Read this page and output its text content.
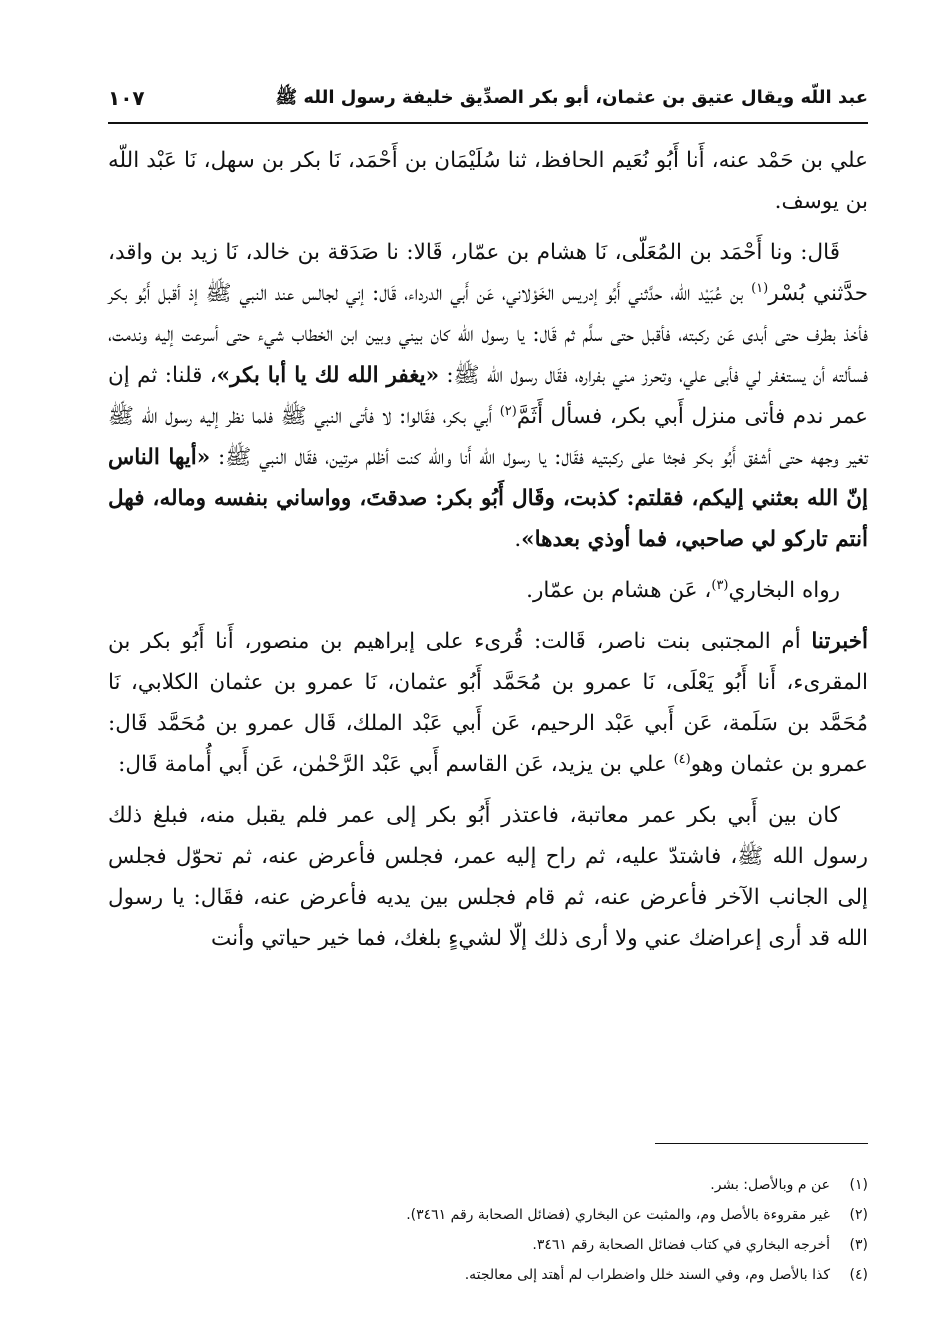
عبد اللّه ويقال عتيق بن عثمان، أبو بكر الصدِّيق خليفة رسول الله ﷺ
١٠٧

علي بن حَمْد عنه، أَنا أَبُو نُعَيم الحافظ، ثنا سُلَيْمَان بن أَحْمَد، نَا بكر بن سهل، نَا عَبْد اللّه بن يوسف.

قَال: ونا أَحْمَد بن المُعَلّى، نَا هشام بن عمّار، قَالا: نا صَدَقة بن خالد، نَا زيد بن واقد، حدَّثني بُسْر$^{(١)}$ بن عُبَيْد اللّه، حدَّثني أَبُو إدريس الخَوْلاني، عَن أَبي الدرداء، قَال: إني لجالس عند النبي ﷺ إذ أقبل أَبُو بكر فأخذ بطرف حتى أبدى عَن ركبته، فأقبل حتى سلَّم ثم قَال: يا رسول الله كان بيني وبين ابن الخطاب شيء حتى أسرعت إليه وندمت، فسألته أن يستغفر لي فأبى علي، وتحرز مني بفراره، فقَال رسول الله ﷺ: «يغفر الله لك يا أبا بكر»، قلنا: ثم إن عمر ندم فأتى منزل أَبي بكر، فسأل أَثَمَّ$^{(٢)}$ أَبي بكر، فقَالوا: لا فأتى النبي ﷺ فلما نظر إليه رسول الله ﷺ تغير وجهه حتى أشفق أَبُو بكر فجثا على ركبتيه فقَال: يا رسول الله أَنا والله كنت أظلم مرتين، فقَال النبي ﷺ: «أيها الناس إنّ الله بعثني إليكم، فقلتم: كذبت، وقَال أَبُو بكر: صدقتَ، وواساني بنفسه وماله، فهل أنتم تاركو لي صاحبي، فما أوذي بعدها».

رواه البخاري$^{(٣)}$، عَن هشام بن عمّار.

أخبرتنا أم المجتبى بنت ناصر، قَالت: قُرىء على إبراهيم بن منصور، أَنا أَبُو بكر بن المقرىء، أَنا أَبُو يَعْلَى، نَا عمرو بن مُحَمَّد أَبُو عثمان، نَا عمرو بن عثمان الكلابي، نَا مُحَمَّد بن سَلَمة، عَن أَبي عَبْد الرحيم، عَن أَبي عَبْد الملك، قَال عمرو بن مُحَمَّد قَال: عمرو بن عثمان وهو$^{(٤)}$ علي بن يزيد، عَن القاسم أَبي عَبْد الرَّحْمٰن، عَن أَبي أُمامة قَال:

كان بين أَبي بكر عمر معاتبة، فاعتذر أَبُو بكر إلى عمر فلم يقبل منه، فبلغ ذلك رسول الله ﷺ، فاشتدّ عليه، ثم راح إليه عمر، فجلس فأعرض عنه، ثم تحوّل فجلس إلى الجانب الآخر فأعرض عنه، ثم قام فجلس بين يديه فأعرض عنه، فقَال: يا رسول الله قد أرى إعراضك عني ولا أرى ذلك إلّا لشيءٍ بلغك، فما خير حياتي وأنت

(١)
عن م وبالأصل: بشر.
(٢)
غير مقروءة بالأصل وم، والمثبت عن البخاري (فضائل الصحابة رقم ٣٤٦١).
(٣)
أخرجه البخاري في كتاب فضائل الصحابة رقم ٣٤٦١.
(٤)
كذا بالأصل وم، وفي السند خلل واضطراب لم أهتد إلى معالجته.
